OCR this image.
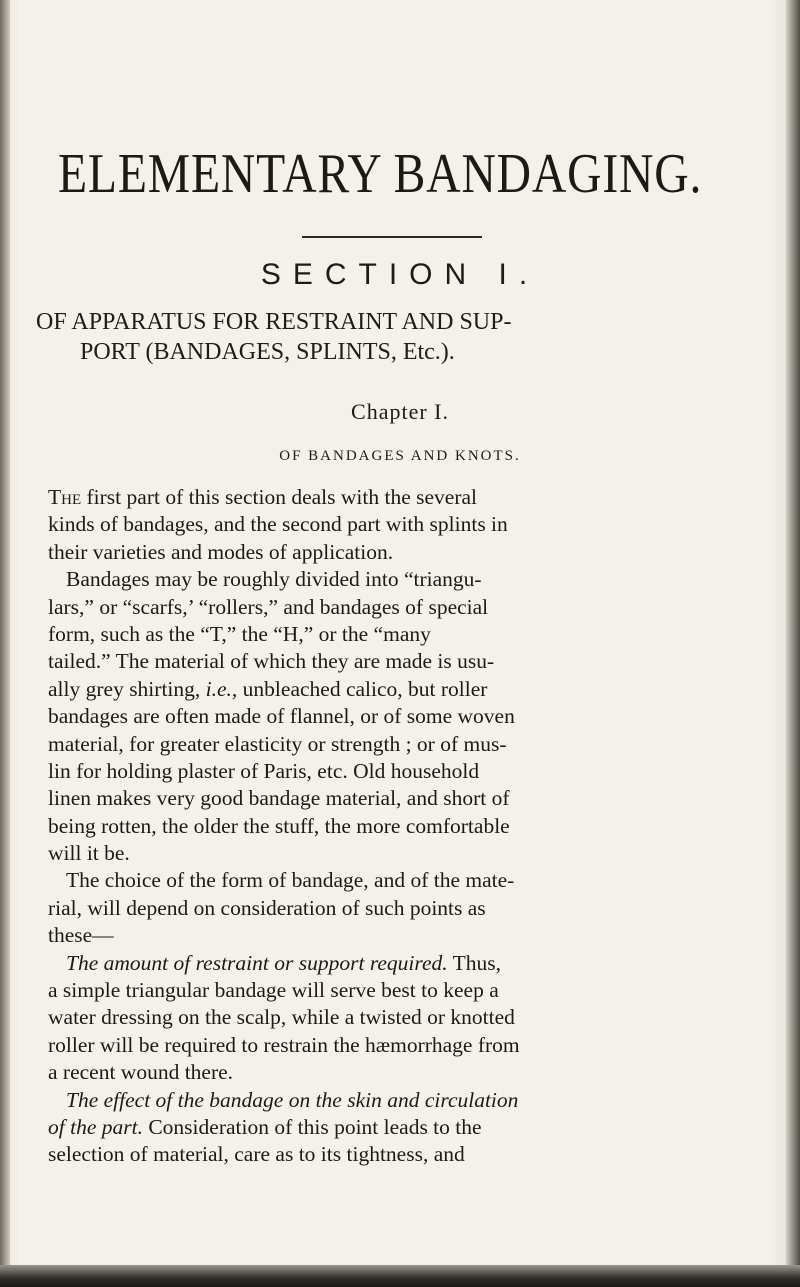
ELEMENTARY BANDAGING.
SECTION I.
OF APPARATUS FOR RESTRAINT AND SUP-
PORT (BANDAGES, SPLINTS, Etc.).
Chapter I.
OF BANDAGES AND KNOTS.
The first part of this section deals with the several
kinds of bandages, and the second part with splints in
their varieties and modes of application.
Bandages may be roughly divided into “triangu-
lars,” or “scarfs,’ “rollers,” and bandages of special
form, such as the “T,” the “H,” or the “many
tailed.” The material of which they are made is usu-
ally grey shirting, i.e., unbleached calico, but roller
bandages are often made of flannel, or of some woven
material, for greater elasticity or strength ; or of mus-
lin for holding plaster of Paris, etc. Old household
linen makes very good bandage material, and short of
being rotten, the older the stuff, the more comfortable
will it be.
The choice of the form of bandage, and of the mate-
rial, will depend on consideration of such points as
these—
The amount of restraint or support required. Thus,
a simple triangular bandage will serve best to keep a
water dressing on the scalp, while a twisted or knotted
roller will be required to restrain the hæmorrhage from
a recent wound there.
The effect of the bandage on the skin and circulation
of the part. Consideration of this point leads to the
selection of material, care as to its tightness, and
